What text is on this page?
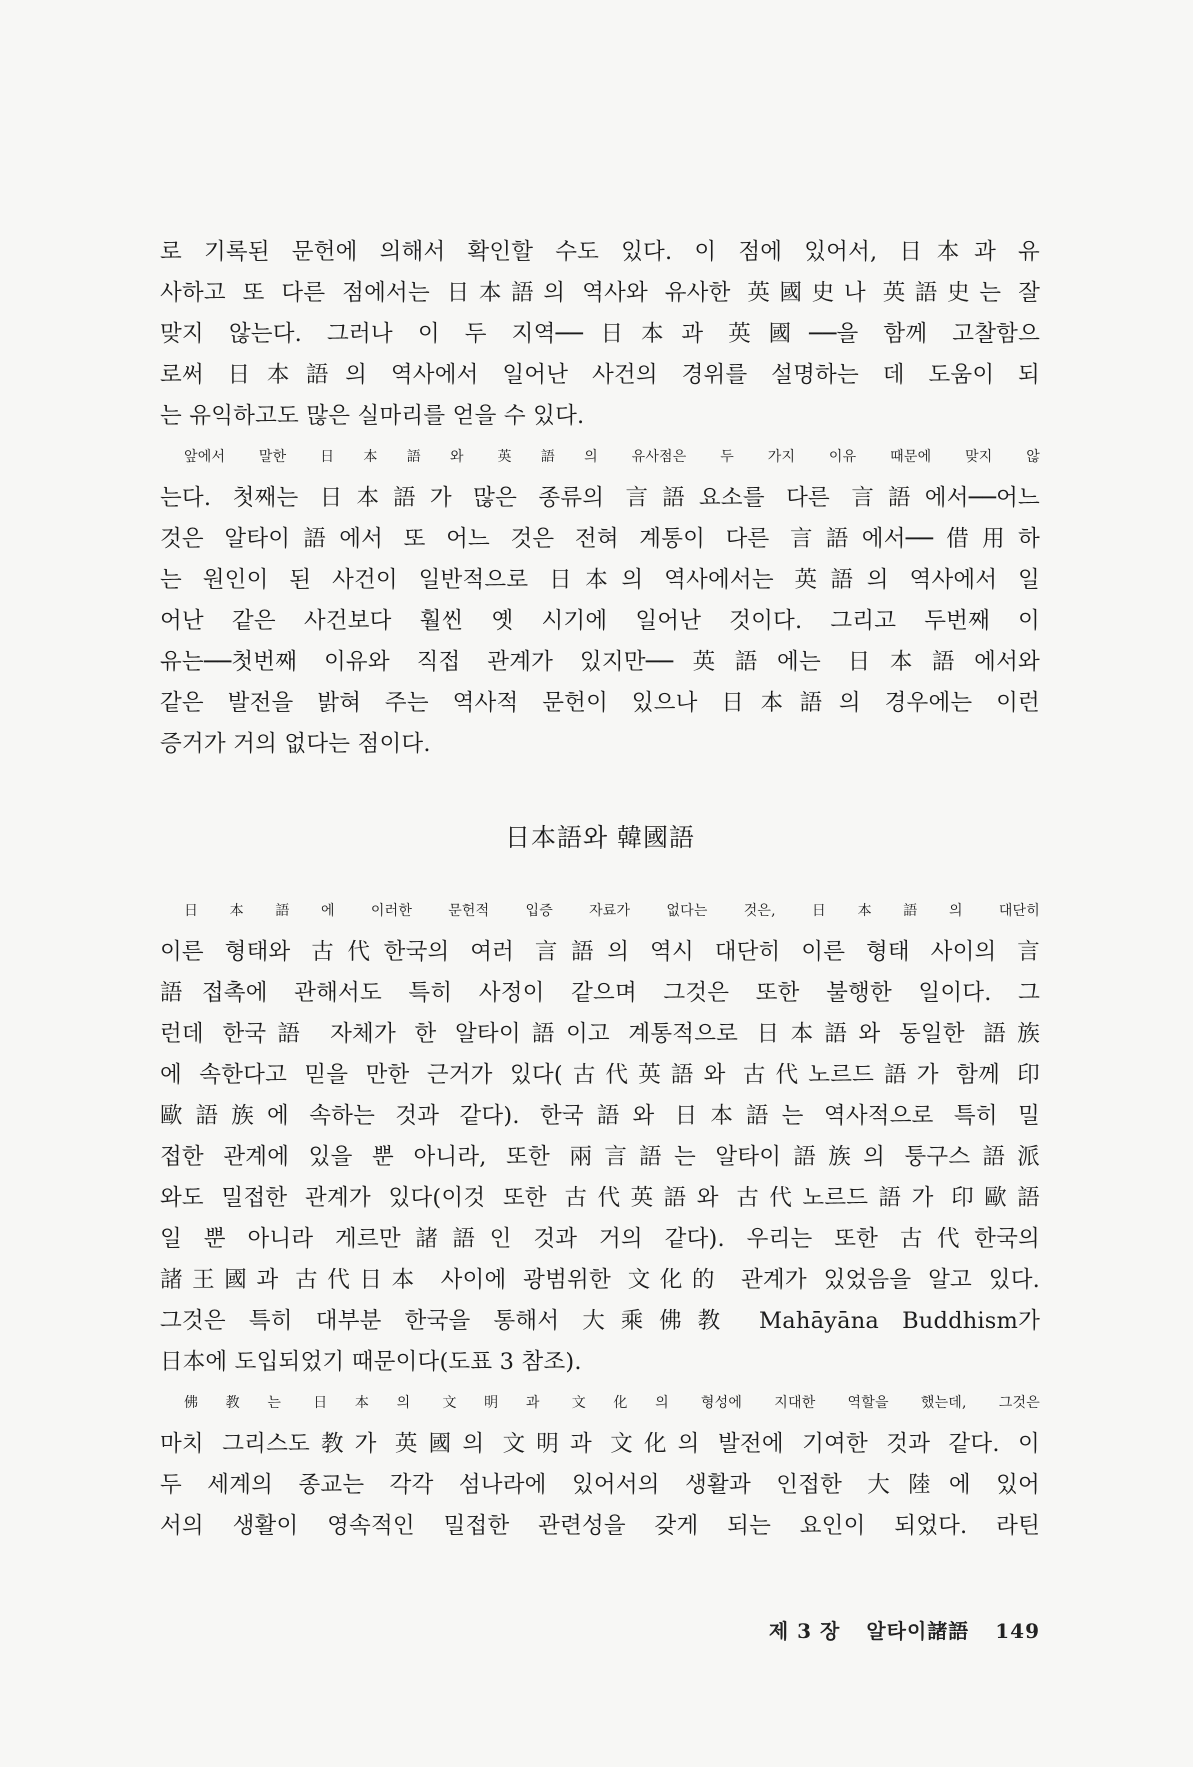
로 기록된 문헌에 의해서 확인할 수도 있다. 이 점에 있어서, 日本과 유
사하고 또 다른 점에서는 日本語의 역사와 유사한 英國史나 英語史는 잘
맞지 않는다. 그러나 이 두 지역──日本과 英國──을 함께 고찰함으
로써 日本語의 역사에서 일어난 사건의 경위를 설명하는 데 도움이 되
는 유익하고도 많은 실마리를 얻을 수 있다.

앞에서 말한 日本語와 英語의 유사점은 두 가지 이유 때문에 맞지 않
는다. 첫째는 日本語가 많은 종류의 言語요소를 다른 言語에서──어느
것은 알타이語에서 또 어느 것은 전혀 계통이 다른 言語에서──借用하
는 원인이 된 사건이 일반적으로 日本의 역사에서는 英語의 역사에서 일
어난 같은 사건보다 훨씬 옛 시기에 일어난 것이다. 그리고 두번째 이
유는──첫번째 이유와 직접 관계가 있지만──英語에는 日本語에서와
같은 발전을 밝혀 주는 역사적 문헌이 있으나 日本語의 경우에는 이런
증거가 거의 없다는 점이다.

日本語와 韓國語

日本語에 이러한 문헌적 입증 자료가 없다는 것은, 日本語의 대단히
이른 형태와 古代한국의 여러 言語의 역시 대단히 이른 형태 사이의 言
語접촉에 관해서도 특히 사정이 같으며 그것은 또한 불행한 일이다. 그
런데 한국語 자체가 한 알타이語이고 계통적으로 日本語와 동일한 語族
에 속한다고 믿을 만한 근거가 있다(古代英語와 古代노르드語가 함께 印
歐語族에 속하는 것과 같다). 한국語와 日本語는 역사적으로 특히 밀
접한 관계에 있을 뿐 아니라, 또한 兩言語는 알타이語族의 퉁구스語派
와도 밀접한 관계가 있다(이것 또한 古代英語와 古代노르드語가 印歐語
일 뿐 아니라 게르만諸語인 것과 거의 같다). 우리는 또한 古代한국의
諸王國과 古代日本 사이에 광범위한 文化的 관계가 있었음을 알고 있다.
그것은 특히 대부분 한국을 통해서 大乘佛教 Mahāyāna Buddhism가
日本에 도입되었기 때문이다(도표 3 참조).

佛教는 日本의 文明과 文化의 형성에 지대한 역할을 했는데, 그것은
마치 그리스도教가 英國의 文明과 文化의 발전에 기여한 것과 같다. 이
두 세계의 종교는 각각 섬나라에 있어서의 생활과 인접한 大陸에 있어
서의 생활이 영속적인 밀접한 관련성을 갖게 되는 요인이 되었다. 라틴

제 3 장 알타이諸語 149
